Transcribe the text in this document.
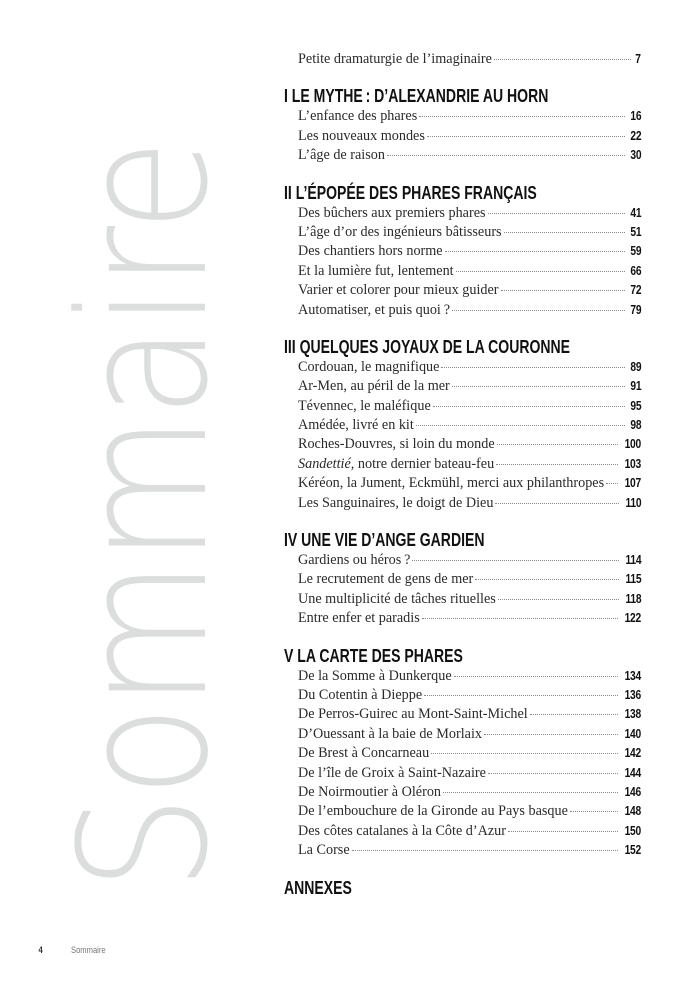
Sommaire
Petite dramaturgie de l’imaginaire	7
I LE MYTHE : D’ALEXANDRIE AU HORN
L’enfance des phares	16
Les nouveaux mondes	22
L’âge de raison	30
II L’ÉPOPÉE DES PHARES FRANÇAIS
Des bûchers aux premiers phares	41
L’âge d’or des ingénieurs bâtisseurs	51
Des chantiers hors norme	59
Et la lumière fut, lentement	66
Varier et colorer pour mieux guider	72
Automatiser, et puis quoi ?	79
III QUELQUES JOYAUX DE LA COURONNE
Cordouan, le magnifique	89
Ar-Men, au péril de la mer	91
Tévennec, le maléfique	95
Amédée, livré en kit	98
Roches-Douvres, si loin du monde	100
Sandettié, notre dernier bateau-feu	103
Kéréon, la Jument, Eckmühl, merci aux philanthropes 107
Les Sanguinaires, le doigt de Dieu	110
IV UNE VIE D’ANGE GARDIEN
Gardiens ou héros ?	114
Le recrutement de gens de mer	115
Une multiplicité de tâches rituelles	118
Entre enfer et paradis	122
V LA CARTE DES PHARES
De la Somme à Dunkerque	134
Du Cotentin à Dieppe	136
De Perros-Guirec au Mont-Saint-Michel	138
D’Ouessant à la baie de Morlaix	140
De Brest à Concarneau	142
De l’île de Groix à Saint-Nazaire	144
De Noirmoutier à Oléron	146
De l’embouchure de la Gironde au Pays basque	148
Des côtes catalanes à la Côte d’Azur	150
La Corse	152
ANNEXES
4	Sommaire
